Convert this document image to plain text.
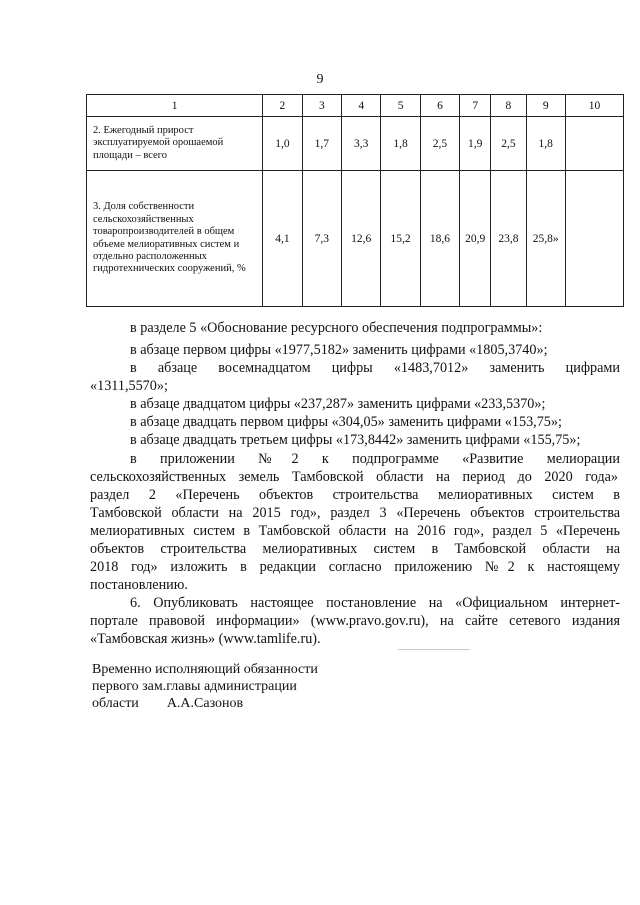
9
1	2	3	4	5	6	7	8	9	10
2. Ежегодный прирост эксплуатируемой орошаемой площади – всего	1,0	1,7	3,3	1,8	2,5	1,9	2,5	1,8	
3. Доля собственности сельскохозяйственных товаропроизводителей в общем объеме мелиоративных систем и отдельно расположенных гидротехнических сооружений, %	4,1	7,3	12,6	15,2	18,6	20,9	23,8	25,8»	
в разделе 5 «Обоснование ресурсного обеспечения подпрограммы»:
в абзаце первом цифры «1977,5182» заменить цифрами «1805,3740»;
в абзаце восемнадцатом цифры «1483,7012» заменить цифрами
«1311,5570»;
в абзаце двадцатом цифры «237,287» заменить цифрами «233,5370»;
в абзаце двадцать первом цифры «304,05» заменить цифрами «153,75»;
в абзаце двадцать третьем цифры «173,8442» заменить цифрами «155,75»;
в приложении №2 к подпрограмме «Развитие мелиорации
сельскохозяйственных земель Тамбовской области на период до 2020 года»
раздел 2 «Перечень объектов строительства мелиоративных систем в
Тамбовской области на 2015 год», раздел 3 «Перечень объектов строительства
мелиоративных систем в Тамбовской области на 2016 год», раздел 5 «Перечень
объектов строительства мелиоративных систем в Тамбовской области на
2018 год» изложить в редакции согласно приложению №2 к настоящему
постановлению.
6. Опубликовать настоящее постановление на «Официальном интернет-
портале правовой информации» (www.pravo.gov.ru), на сайте сетевого издания
«Тамбовская жизнь» (www.tamlife.ru).
Временно исполняющий обязанности
первого зам.главы администрации
области А.А.Сазонов
